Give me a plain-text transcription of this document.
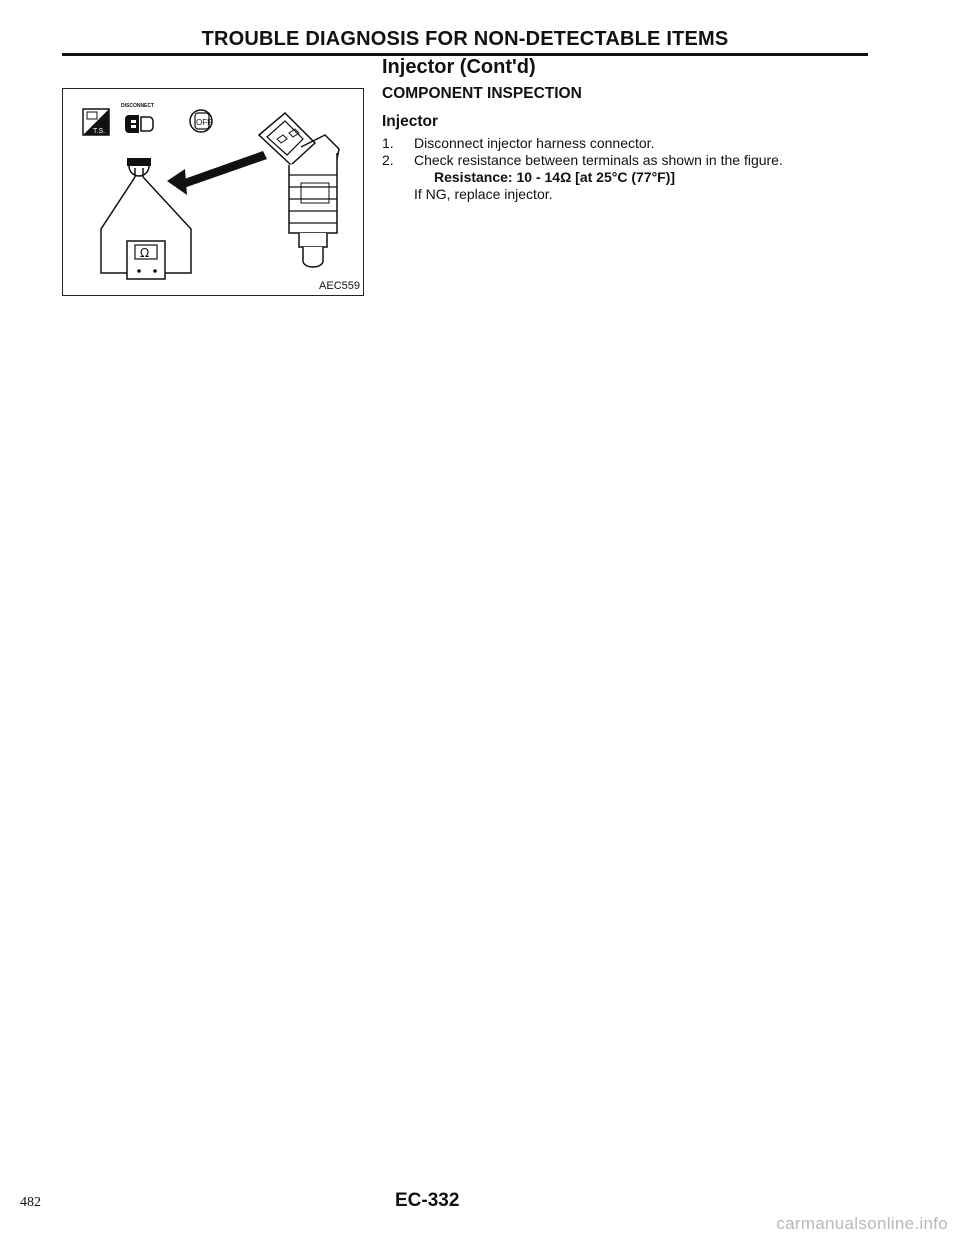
TROUBLE DIAGNOSIS FOR NON-DETECTABLE ITEMS
T.S.
DISCONNECT
OFF
Ω
AEC559
Injector (Cont'd)
COMPONENT INSPECTION
Injector
1.	Disconnect injector harness connector.
2.	Check resistance between terminals as shown in the figure.
Resistance: 10 - 14Ω [at 25°C (77°F)]
If NG, replace injector.
482	EC-332
carmanualsonline.info
